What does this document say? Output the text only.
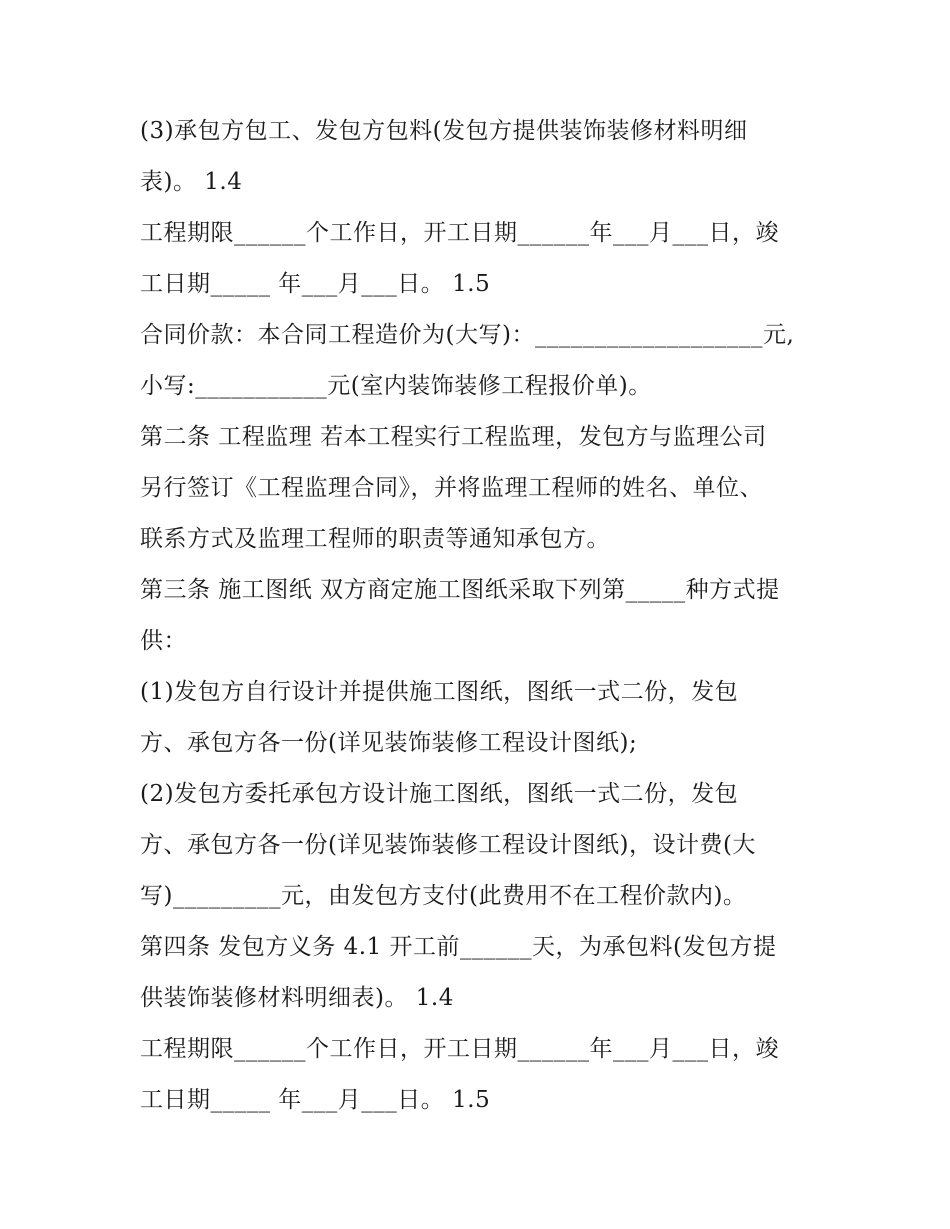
(3)承包方包工、发包方包料(发包方提供装饰装修材料明细
表)。 1.4
工程期限______个工作日，开工日期______年___月___日，竣
工日期_____ 年___月___日。 1.5
合同价款：本合同工程造价为(大写)：___________________元,
小写:___________元(室内装饰装修工程报价单)。
第二条 工程监理 若本工程实行工程监理，发包方与监理公司
另行签订《工程监理合同》，并将监理工程师的姓名、单位、
联系方式及监理工程师的职责等通知承包方。
第三条 施工图纸 双方商定施工图纸采取下列第_____种方式提
供：
(1)发包方自行设计并提供施工图纸，图纸一式二份，发包
方、承包方各一份(详见装饰装修工程设计图纸);
(2)发包方委托承包方设计施工图纸，图纸一式二份，发包
方、承包方各一份(详见装饰装修工程设计图纸)，设计费(大
写)_________元，由发包方支付(此费用不在工程价款内)。
第四条 发包方义务 4.1 开工前______天，为承包料(发包方提
供装饰装修材料明细表)。 1.4
工程期限______个工作日，开工日期______年___月___日，竣
工日期_____ 年___月___日。 1.5
